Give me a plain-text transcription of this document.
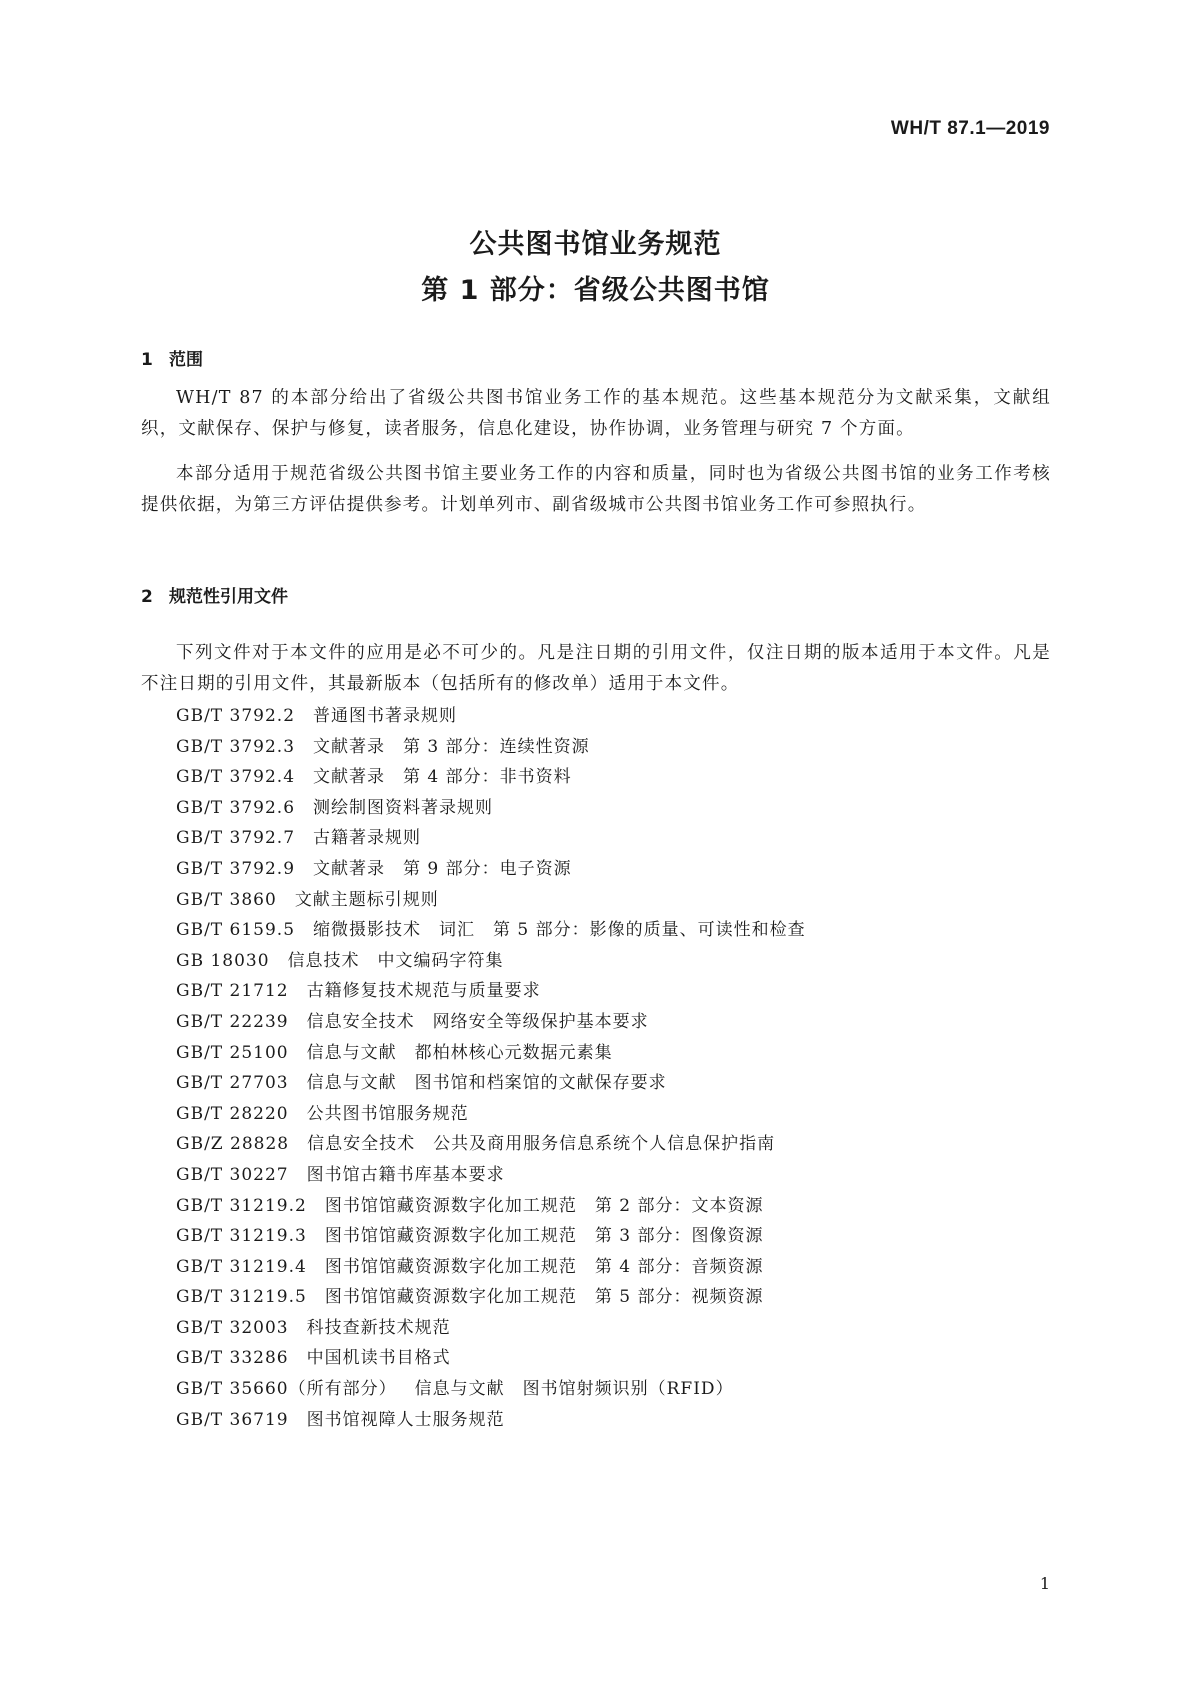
WH/T 87.1—2019
公共图书馆业务规范
第 1 部分：省级公共图书馆
1 范围

WH/T 87 的本部分给出了省级公共图书馆业务工作的基本规范。这些基本规范分为文献采集，文献组织，文献保存、保护与修复，读者服务，信息化建设，协作协调，业务管理与研究 7 个方面。

本部分适用于规范省级公共图书馆主要业务工作的内容和质量，同时也为省级公共图书馆的业务工作考核提供依据，为第三方评估提供参考。计划单列市、副省级城市公共图书馆业务工作可参照执行。

2 规范性引用文件

下列文件对于本文件的应用是必不可少的。凡是注日期的引用文件，仅注日期的版本适用于本文件。凡是不注日期的引用文件，其最新版本（包括所有的修改单）适用于本文件。

GB/T 3792.2 普通图书著录规则
GB/T 3792.3 文献著录　第 3 部分：连续性资源
GB/T 3792.4 文献著录　第 4 部分：非书资料
GB/T 3792.6 测绘制图资料著录规则
GB/T 3792.7 古籍著录规则
GB/T 3792.9 文献著录　第 9 部分：电子资源
GB/T 3860 文献主题标引规则
GB/T 6159.5 缩微摄影技术　词汇　第 5 部分：影像的质量、可读性和检查
GB 18030 信息技术　中文编码字符集
GB/T 21712 古籍修复技术规范与质量要求
GB/T 22239 信息安全技术　网络安全等级保护基本要求
GB/T 25100 信息与文献　都柏林核心元数据元素集
GB/T 27703 信息与文献　图书馆和档案馆的文献保存要求
GB/T 28220 公共图书馆服务规范
GB/Z 28828 信息安全技术　公共及商用服务信息系统个人信息保护指南
GB/T 30227 图书馆古籍书库基本要求
GB/T 31219.2 图书馆馆藏资源数字化加工规范　第 2 部分：文本资源
GB/T 31219.3 图书馆馆藏资源数字化加工规范　第 3 部分：图像资源
GB/T 31219.4 图书馆馆藏资源数字化加工规范　第 4 部分：音频资源
GB/T 31219.5 图书馆馆藏资源数字化加工规范　第 5 部分：视频资源
GB/T 32003 科技查新技术规范
GB/T 33286 中国机读书目格式
GB/T 35660（所有部分） 信息与文献　图书馆射频识别（RFID）
GB/T 36719 图书馆视障人士服务规范
1
